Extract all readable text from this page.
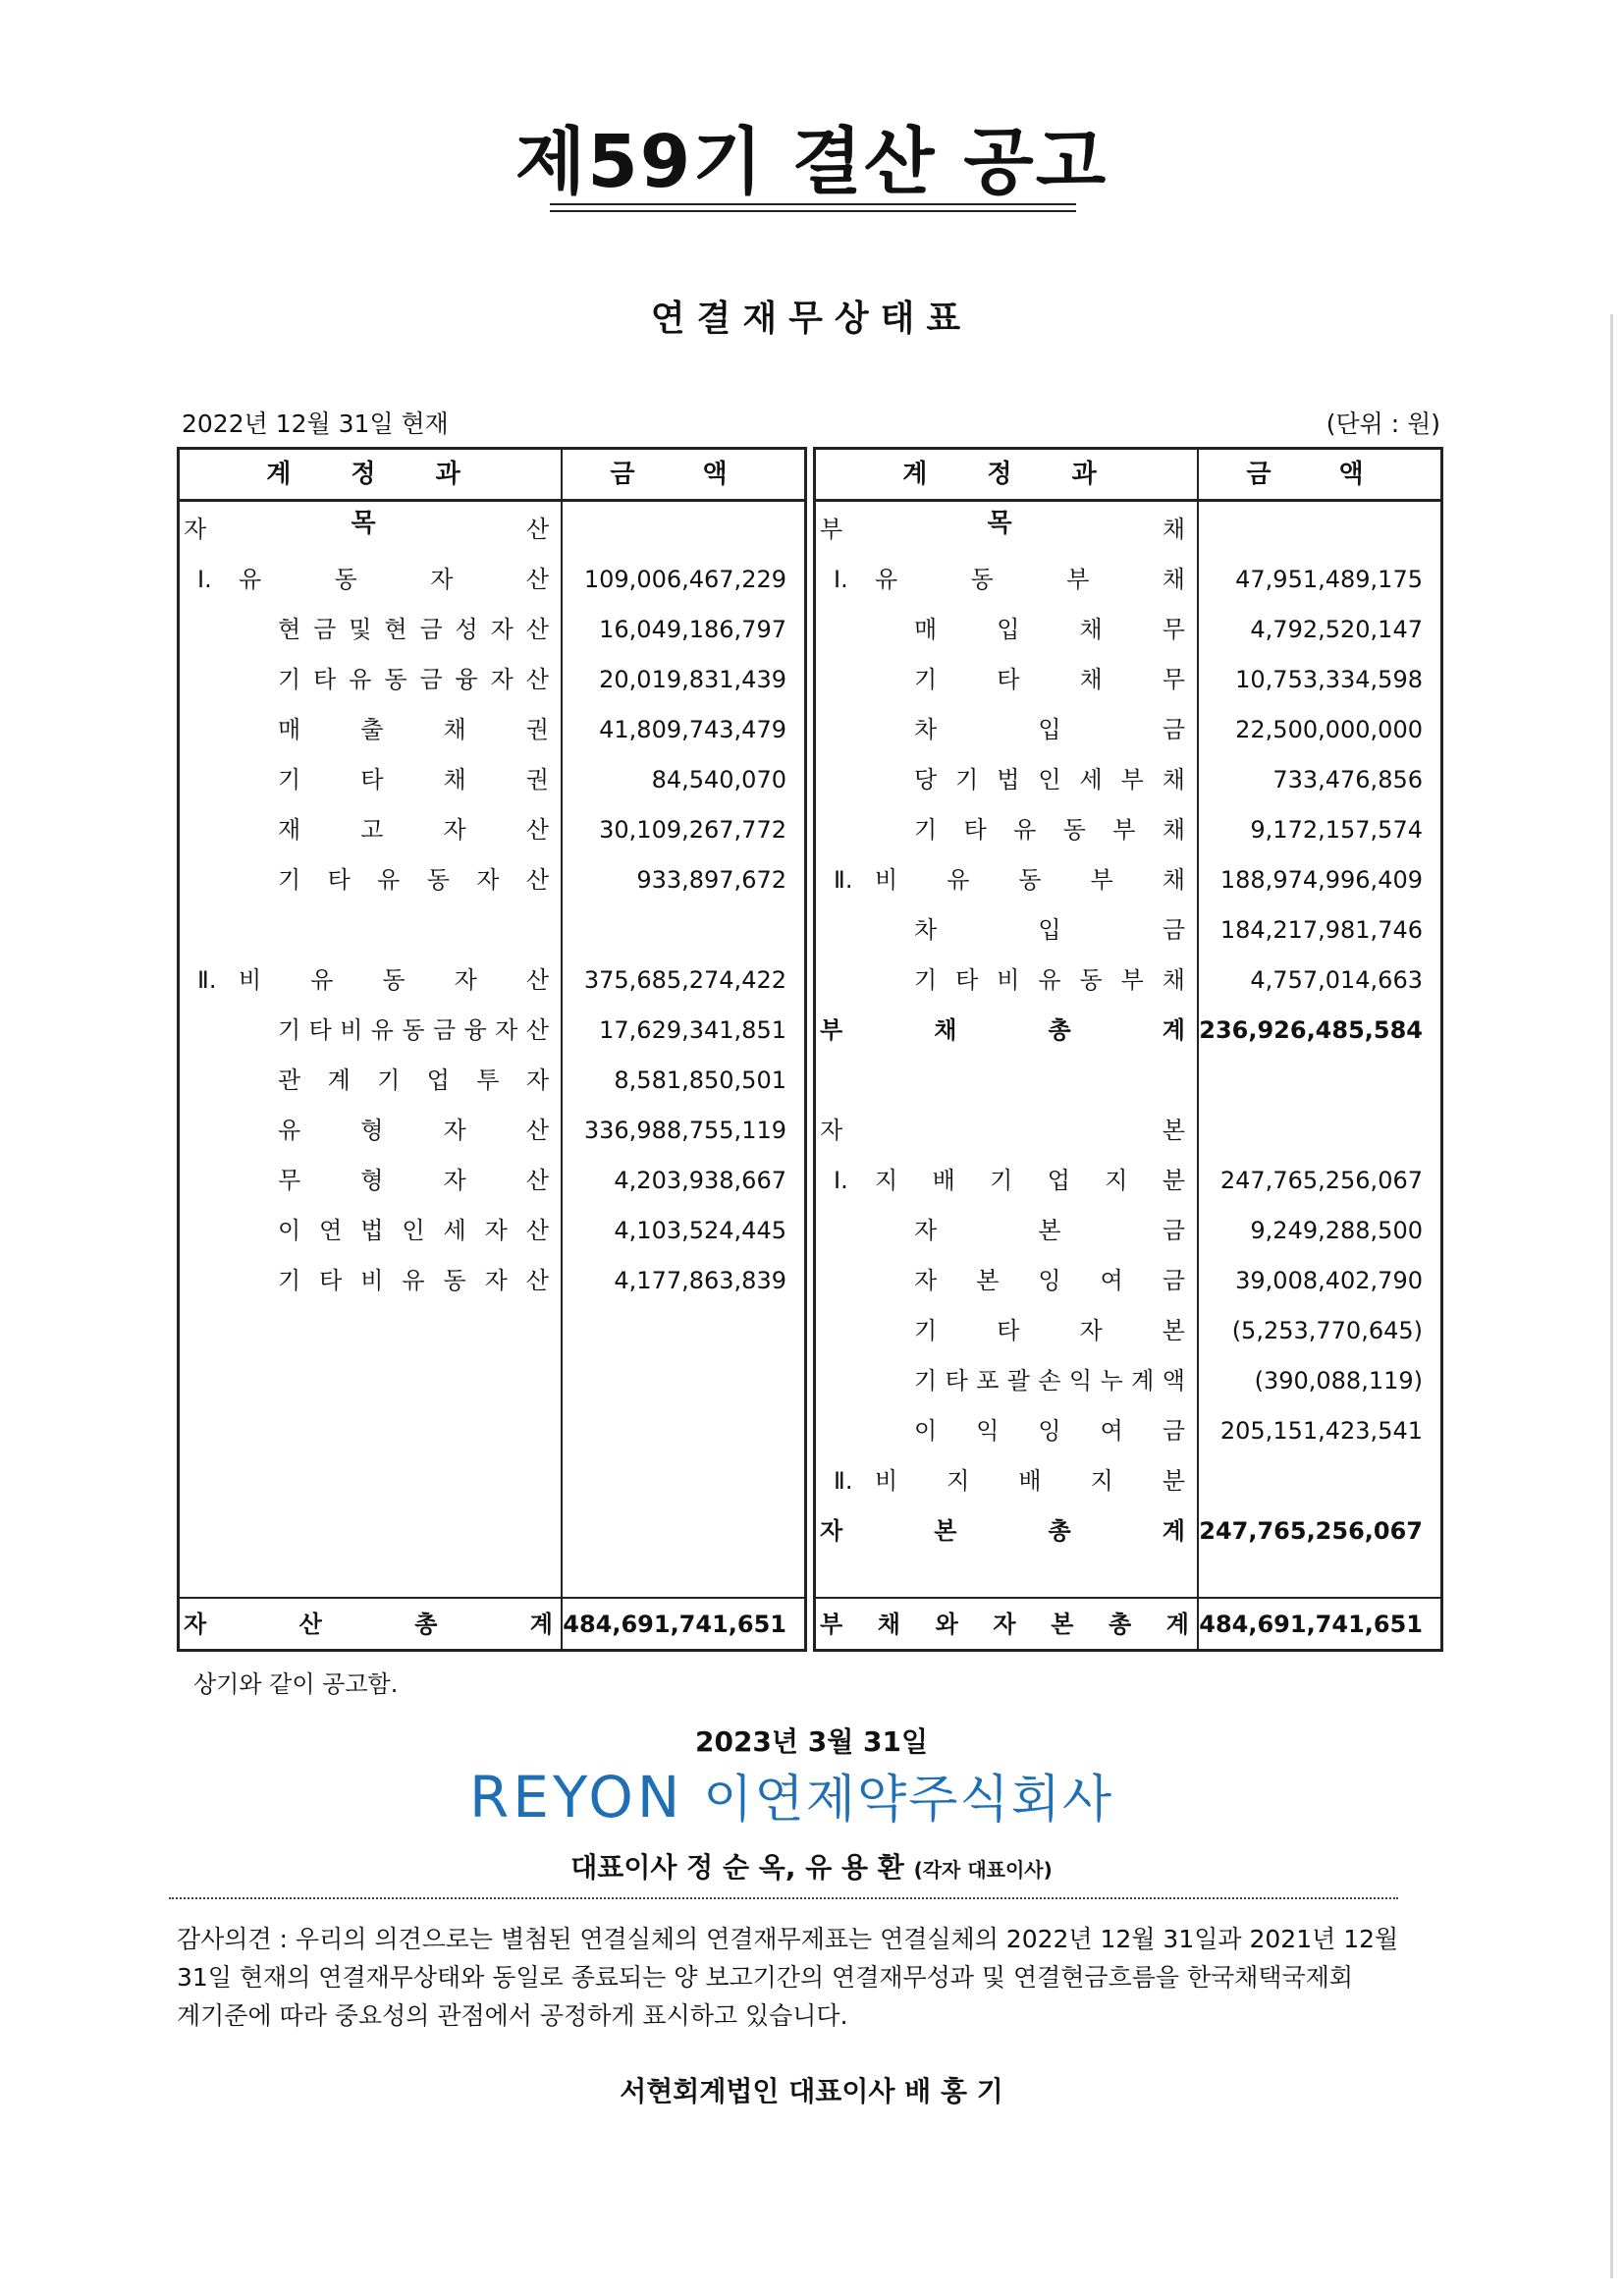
제59기 결산 공고
연결재무상태표
2022년 12월 31일 현재	(단위 : 원)
계 정 과 목
금 액
자	산
Ⅰ. 유	동	자	산	109,006,467,229
현 금 및 현 금 성 자 산	16,049,186,797
기 타 유 동 금 융 자 산	20,019,831,439
매	출	채	권	41,809,743,479
기	타	채	권	84,540,070
재	고	자	산	30,109,267,772
기 타 유 동 자 산	933,897,672
Ⅱ. 비 유 동 자 산	375,685,274,422
기 타 비 유 동 금 융 자 산	17,629,341,851
관 계 기 업 투 자	8,581,850,501
유	형	자	산	336,988,755,119
무	형	자	산	4,203,938,667
이 연 법 인 세 자 산	4,103,524,445
기 타 비 유 동 자 산	4,177,863,839
자	산	총	계 484,691,741,651
계 정 과 목
금 액
부	채
Ⅰ. 유	동	부	채	47,951,489,175
매	입	채	무	4,792,520,147
기	타	채	무	10,753,334,598
차	입	금	22,500,000,000
당 기 법 인 세 부 채	733,476,856
기 타 유 동 부 채	9,172,157,574
Ⅱ. 비 유 동 부 채	188,974,996,409
차	입	금	184,217,981,746
기 타 비 유 동 부 채	4,757,014,663
부	채	총	계 236,926,485,584
자	본
Ⅰ. 지 배 기 업 지 분	247,765,256,067
자	본	금	9,249,288,500
자 본 잉 여 금	39,008,402,790
기	타	자	본	(5,253,770,645)
기 타 포 괄 손 익 누 계 액	(390,088,119)
이 익 잉 여 금	205,151,423,541
Ⅱ. 비 지 배 지 분
자	본	총	계 247,765,256,067
부 채 와 자 본 총 계 484,691,741,651
상기와 같이 공고함.
2023년 3월 31일
REYON 이연제약주식회사
대표이사 정 순 옥, 유 용 환 (각자 대표이사)
감사의견 : 우리의 의견으로는 별첨된 연결실체의 연결재무제표는 연결실체의 2022년 12월 31일과 2021년 12월
31일 현재의 연결재무상태와 동일로 종료되는 양 보고기간의 연결재무성과 및 연결현금흐름을 한국채택국제회
계기준에 따라 중요성의 관점에서 공정하게 표시하고 있습니다.
서현회계법인 대표이사 배 홍 기
